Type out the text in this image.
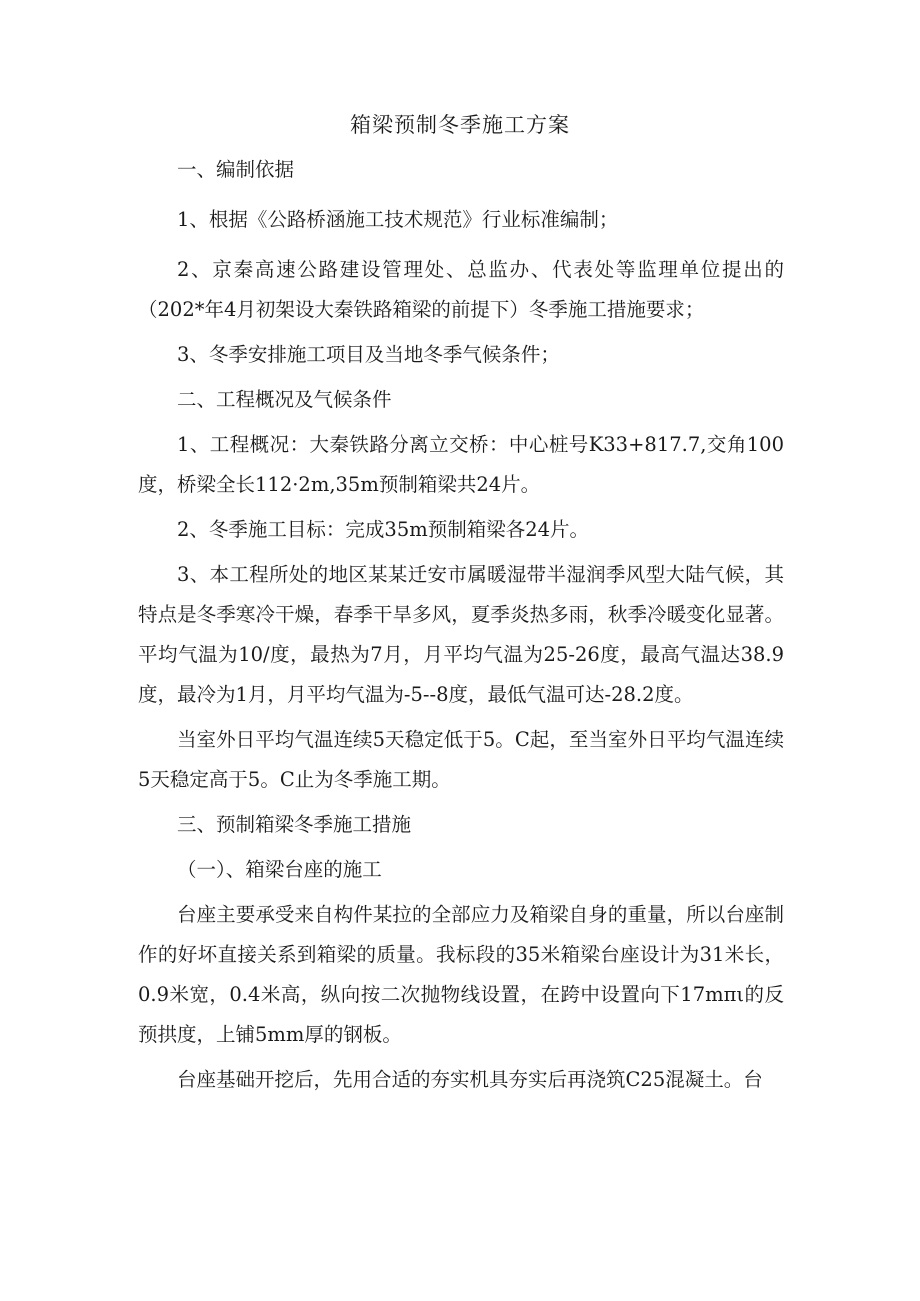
箱梁预制冬季施工方案

一、编制依据

1、根据《公路桥涵施工技术规范》行业标准编制；

2、京秦高速公路建设管理处、总监办、代表处等监理单位提出的（202*年4月初架设大秦铁路箱梁的前提下）冬季施工措施要求；

3、冬季安排施工项目及当地冬季气候条件；

二、工程概况及气候条件

1、工程概况：大秦铁路分离立交桥：中心桩号K33+817.7,交角100度，桥梁全长112·2m,35m预制箱梁共24片。

2、冬季施工目标：完成35m预制箱梁各24片。

3、本工程所处的地区某某迁安市属暖湿带半湿润季风型大陆气候，其特点是冬季寒冷干燥，春季干旱多风，夏季炎热多雨，秋季冷暖变化显著。平均气温为10/度，最热为7月，月平均气温为25-26度，最高气温达38.9度，最冷为1月，月平均气温为-5--8度，最低气温可达-28.2度。

当室外日平均气温连续5天稳定低于5。C起，至当室外日平均气温连续5天稳定高于5。C止为冬季施工期。

三、预制箱梁冬季施工措施

（一）、箱梁台座的施工

台座主要承受来自构件某拉的全部应力及箱梁自身的重量，所以台座制作的好坏直接关系到箱梁的质量。我标段的35米箱梁台座设计为31米长，0.9米宽，0.4米高，纵向按二次抛物线设置，在跨中设置向下17mπι的反预拱度，上铺5mm厚的钢板。

台座基础开挖后，先用合适的夯实机具夯实后再浇筑C25混凝土。台
